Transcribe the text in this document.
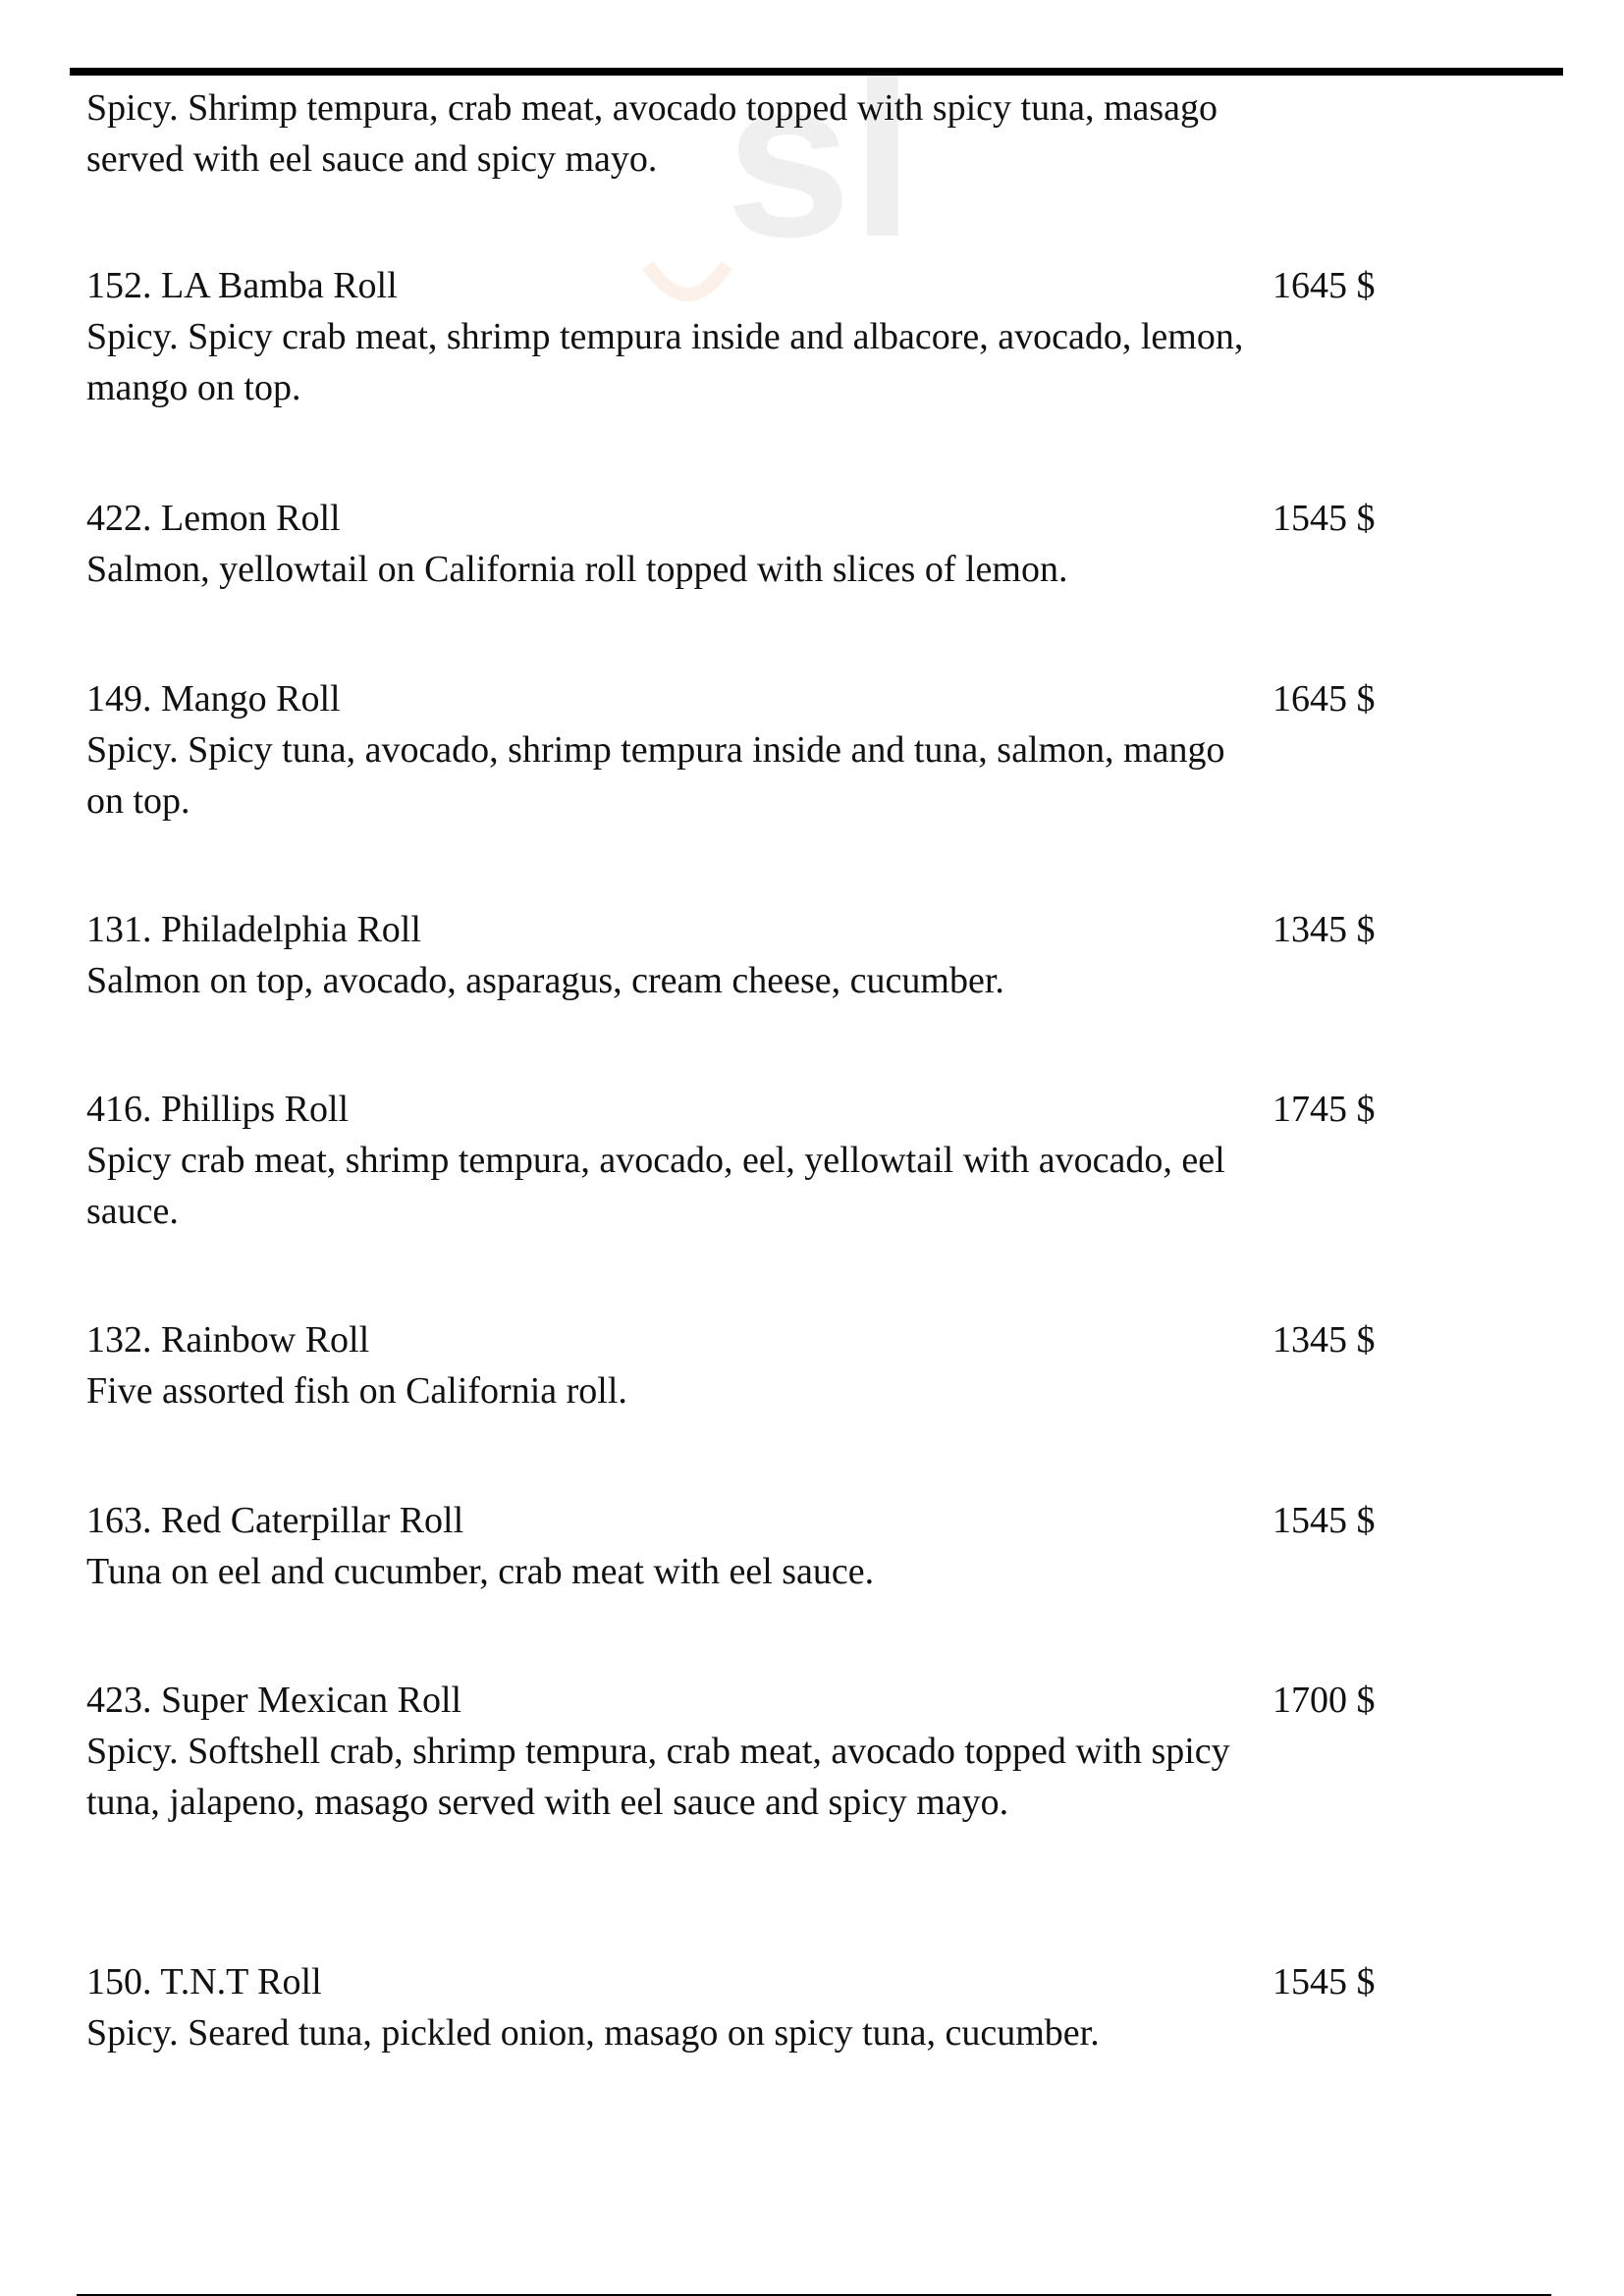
sl
Spicy. Shrimp tempura, crab meat, avocado topped with spicy tuna, masago served with eel sauce and spicy mayo.
152. LA Bamba Roll	1645 $
Spicy. Spicy crab meat, shrimp tempura inside and albacore, avocado, lemon, mango on top.
422. Lemon Roll	1545 $
Salmon, yellowtail on California roll topped with slices of lemon.
149. Mango Roll	1645 $
Spicy. Spicy tuna, avocado, shrimp tempura inside and tuna, salmon, mango on top.
131. Philadelphia Roll	1345 $
Salmon on top, avocado, asparagus, cream cheese, cucumber.
416. Phillips Roll	1745 $
Spicy crab meat, shrimp tempura, avocado, eel, yellowtail with avocado, eel sauce.
132. Rainbow Roll	1345 $
Five assorted fish on California roll.
163. Red Caterpillar Roll	1545 $
Tuna on eel and cucumber, crab meat with eel sauce.
423. Super Mexican Roll	1700 $
Spicy. Softshell crab, shrimp tempura, crab meat, avocado topped with spicy tuna, jalapeno, masago served with eel sauce and spicy mayo.
150. T.N.T Roll	1545 $
Spicy. Seared tuna, pickled onion, masago on spicy tuna, cucumber.
